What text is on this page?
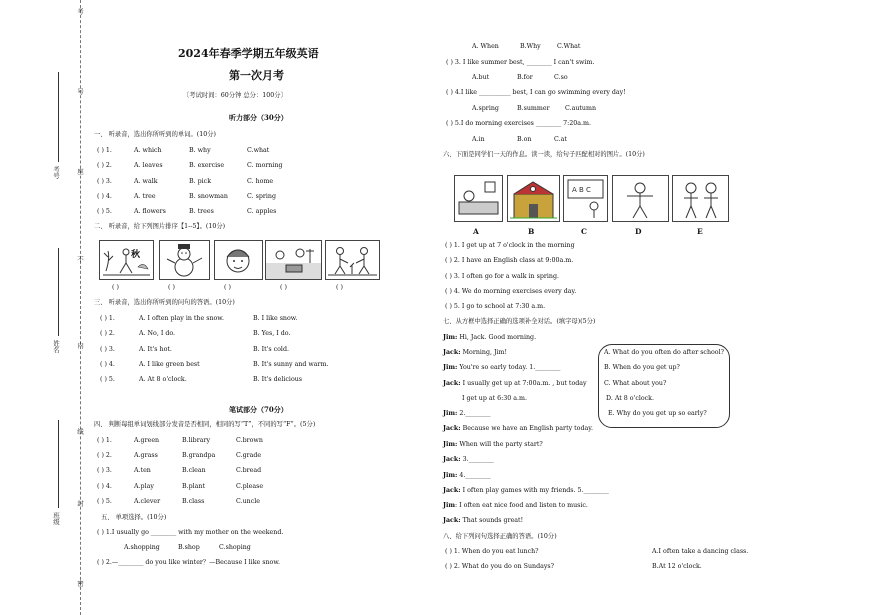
考
号
座
不
内
线
封
密
考号
姓名
班级
2024年春季学期五年级英语
第一次月考
〔考试时间：60分钟 总分：100分〕
听力部分（30分）
一、 听录音，选出你所听到的单词。(10分)
( ) 1.	A. which	B. why	C.what
( ) 2.	A. leaves	B. exercise	C. morning
( ) 3.	A. walk	B. pick	C. home
( ) 4.	A. tree	B. snowman	C. spring
( ) 5.	A. flowers	B. trees	C. apples
二、 听录音，给下列图片排序【1--5】。(10分)
秋
( )	( )	( )	( )	( )
三、 听录音，选出你所听到的问句的答语。(10分)
( ) 1.	A. I often play in the snow.	B. I like snow.
( ) 2.	A. No, I do.	B. Yes, I do.
( ) 3.	A. It's hot.	B. It's cold.
( ) 4.	A. I like green best	B. It's sunny and warm.
( ) 5.	A. At 8 o'clock.	B. It's delicious
笔试部分（70分）
四、 判断每组单词划线部分发音是否相同，相同的写“T”，不同的写“F”。(5分)
( ) 1.	A.green	B.library	C.brown
( ) 2.	A.grass	B.grandpa	C.grade
( ) 3.	A.ten	B.clean	C.bread
( ) 4.	A.play	B.plant	C.please
( ) 5.	A.clever	B.class	C.uncle
五、 单项选择。(10分)
( ) 1.I usually go ________ with my mother on the weekend.
A.shopping	B.shop	C.shoping
( ) 2.—________ do you like winter？—Because I like snow.
A. When	B.Why	C.What
( ) 3. I like summer best, ________ I can't swim.
A.but	B.for	C.so
( ) 4.I like __________ best, I can go swimming every day!
A.spring	B.summer C.autumn
( ) 5.I do morning exercises ________ 7:20a.m.
A.in	B.on	C.at
六、下面是同学们一天的作息。读一读，给句子匹配相对的图片。(10分)
A B C
A	B	C	D	E
( ) 1. I get up at 7 o'clock in the morning
( ) 2. I have an English class at 9:00a.m.
( ) 3. I often go for a walk in spring.
( ) 4. We do morning exercises every day.
( ) 5. I go to school at 7:30 a.m.
七、从方框中选择正确的选项补全对话。(填字母)(5分)
Jim: Hi, Jack. Good morning.
Jack: Morning, Jim!
Jim: You're so early today. 1.________
Jack: I usually get up at 7:00a.m. , but today
I get up at 6:30 a.m.
Jim: 2.________
Jack: Because we have an English party today.
Jim: When will the party start?
Jack: 3.________
Jim: 4.________
Jack: I often play games with my friends. 5.________
Jim: I often eat nice food and listen to music.
Jack: That sounds great!
A. What do you often do after school?
B. When do you get up?
C. What about you?
D. At 8 o'clock.
E. Why do you get up so early?
八、给下列问句选择正确的答语。(10分)
( ) 1. When do you eat lunch?	A.I often take a dancing class.
( ) 2. What do you do on Sundays?	B.At 12 o'clock.
